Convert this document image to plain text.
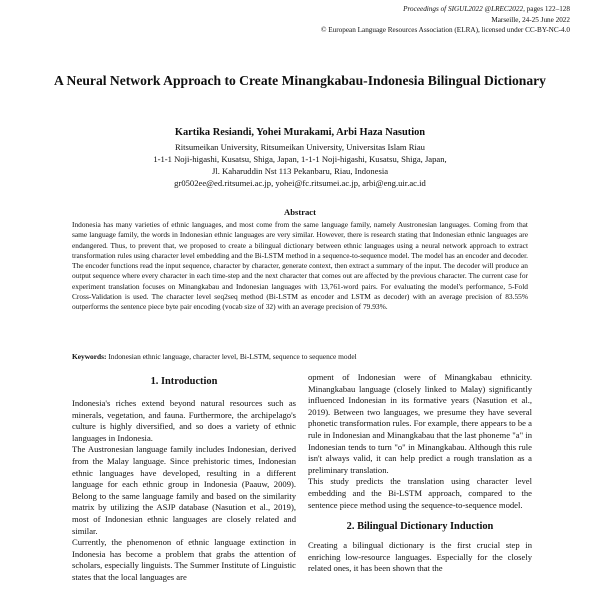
Proceedings of SIGUL2022 @LREC2022, pages 122–128
Marseille, 24-25 June 2022
© European Language Resources Association (ELRA), licensed under CC-BY-NC-4.0
A Neural Network Approach to Create Minangkabau-Indonesia Bilingual Dictionary
Kartika Resiandi, Yohei Murakami, Arbi Haza Nasution
Ritsumeikan University, Ritsumeikan University, Universitas Islam Riau
1-1-1 Noji-higashi, Kusatsu, Shiga, Japan, 1-1-1 Noji-higashi, Kusatsu, Shiga, Japan,
Jl. Kaharuddin Nst 113 Pekanbaru, Riau, Indonesia
gr0502ee@ed.ritsumei.ac.jp, yohei@fc.ritsumei.ac.jp, arbi@eng.uir.ac.id
Abstract
Indonesia has many varieties of ethnic languages, and most come from the same language family, namely Austronesian languages. Coming from that same language family, the words in Indonesian ethnic languages are very similar. However, there is research stating that Indonesian ethnic languages are endangered. Thus, to prevent that, we proposed to create a bilingual dictionary between ethnic languages using a neural network approach to extract transformation rules using character level embedding and the Bi-LSTM method in a sequence-to-sequence model. The model has an encoder and decoder. The encoder functions read the input sequence, character by character, generate context, then extract a summary of the input. The decoder will produce an output sequence where every character in each time-step and the next character that comes out are affected by the previous character. The current case for experiment translation focuses on Minangkabau and Indonesian languages with 13,761-word pairs. For evaluating the model's performance, 5-Fold Cross-Validation is used. The character level seq2seq method (Bi-LSTM as encoder and LSTM as decoder) with an average precision of 83.55% outperforms the sentence piece byte pair encoding (vocab size of 32) with an average precision of 79.93%.
Keywords: Indonesian ethnic language, character level, Bi-LSTM, sequence to sequence model
1. Introduction

Indonesia's riches extend beyond natural resources such as minerals, vegetation, and fauna. Furthermore, the archipelago's culture is highly diversified, and so does a variety of ethnic languages in Indonesia.

The Austronesian language family includes Indonesian, derived from the Malay language. Since prehistoric times, Indonesian ethnic languages have developed, resulting in a different language for each ethnic group in Indonesia (Paauw, 2009). Belong to the same language family and based on the similarity matrix by utilizing the ASJP database (Nasution et al., 2019), most of Indonesian ethnic languages are closely related and similar.

Currently, the phenomenon of ethnic language extinction in Indonesia has become a problem that grabs the attention of scholars, especially linguists. The Summer Institute of Linguistic states that the local languages are

opment of Indonesian were of Minangkabau ethnicity. Minangkabau language (closely linked to Malay) significantly influenced Indonesian in its formative years (Nasution et al., 2019). Between two languages, we presume they have several phonetic transformation rules. For example, there appears to be a rule in Indonesian and Minangkabau that the last phoneme "a" in Indonesian tends to turn "o" in Minangkabau. Although this rule isn't always valid, it can help predict a rough translation as a preliminary translation.

This study predicts the translation using character level embedding and the Bi-LSTM approach, compared to the sentence piece method using the sequence-to-sequence model.

2. Bilingual Dictionary Induction

Creating a bilingual dictionary is the first crucial step in enriching low-resource languages. Especially for the closely related ones, it has been shown that the
